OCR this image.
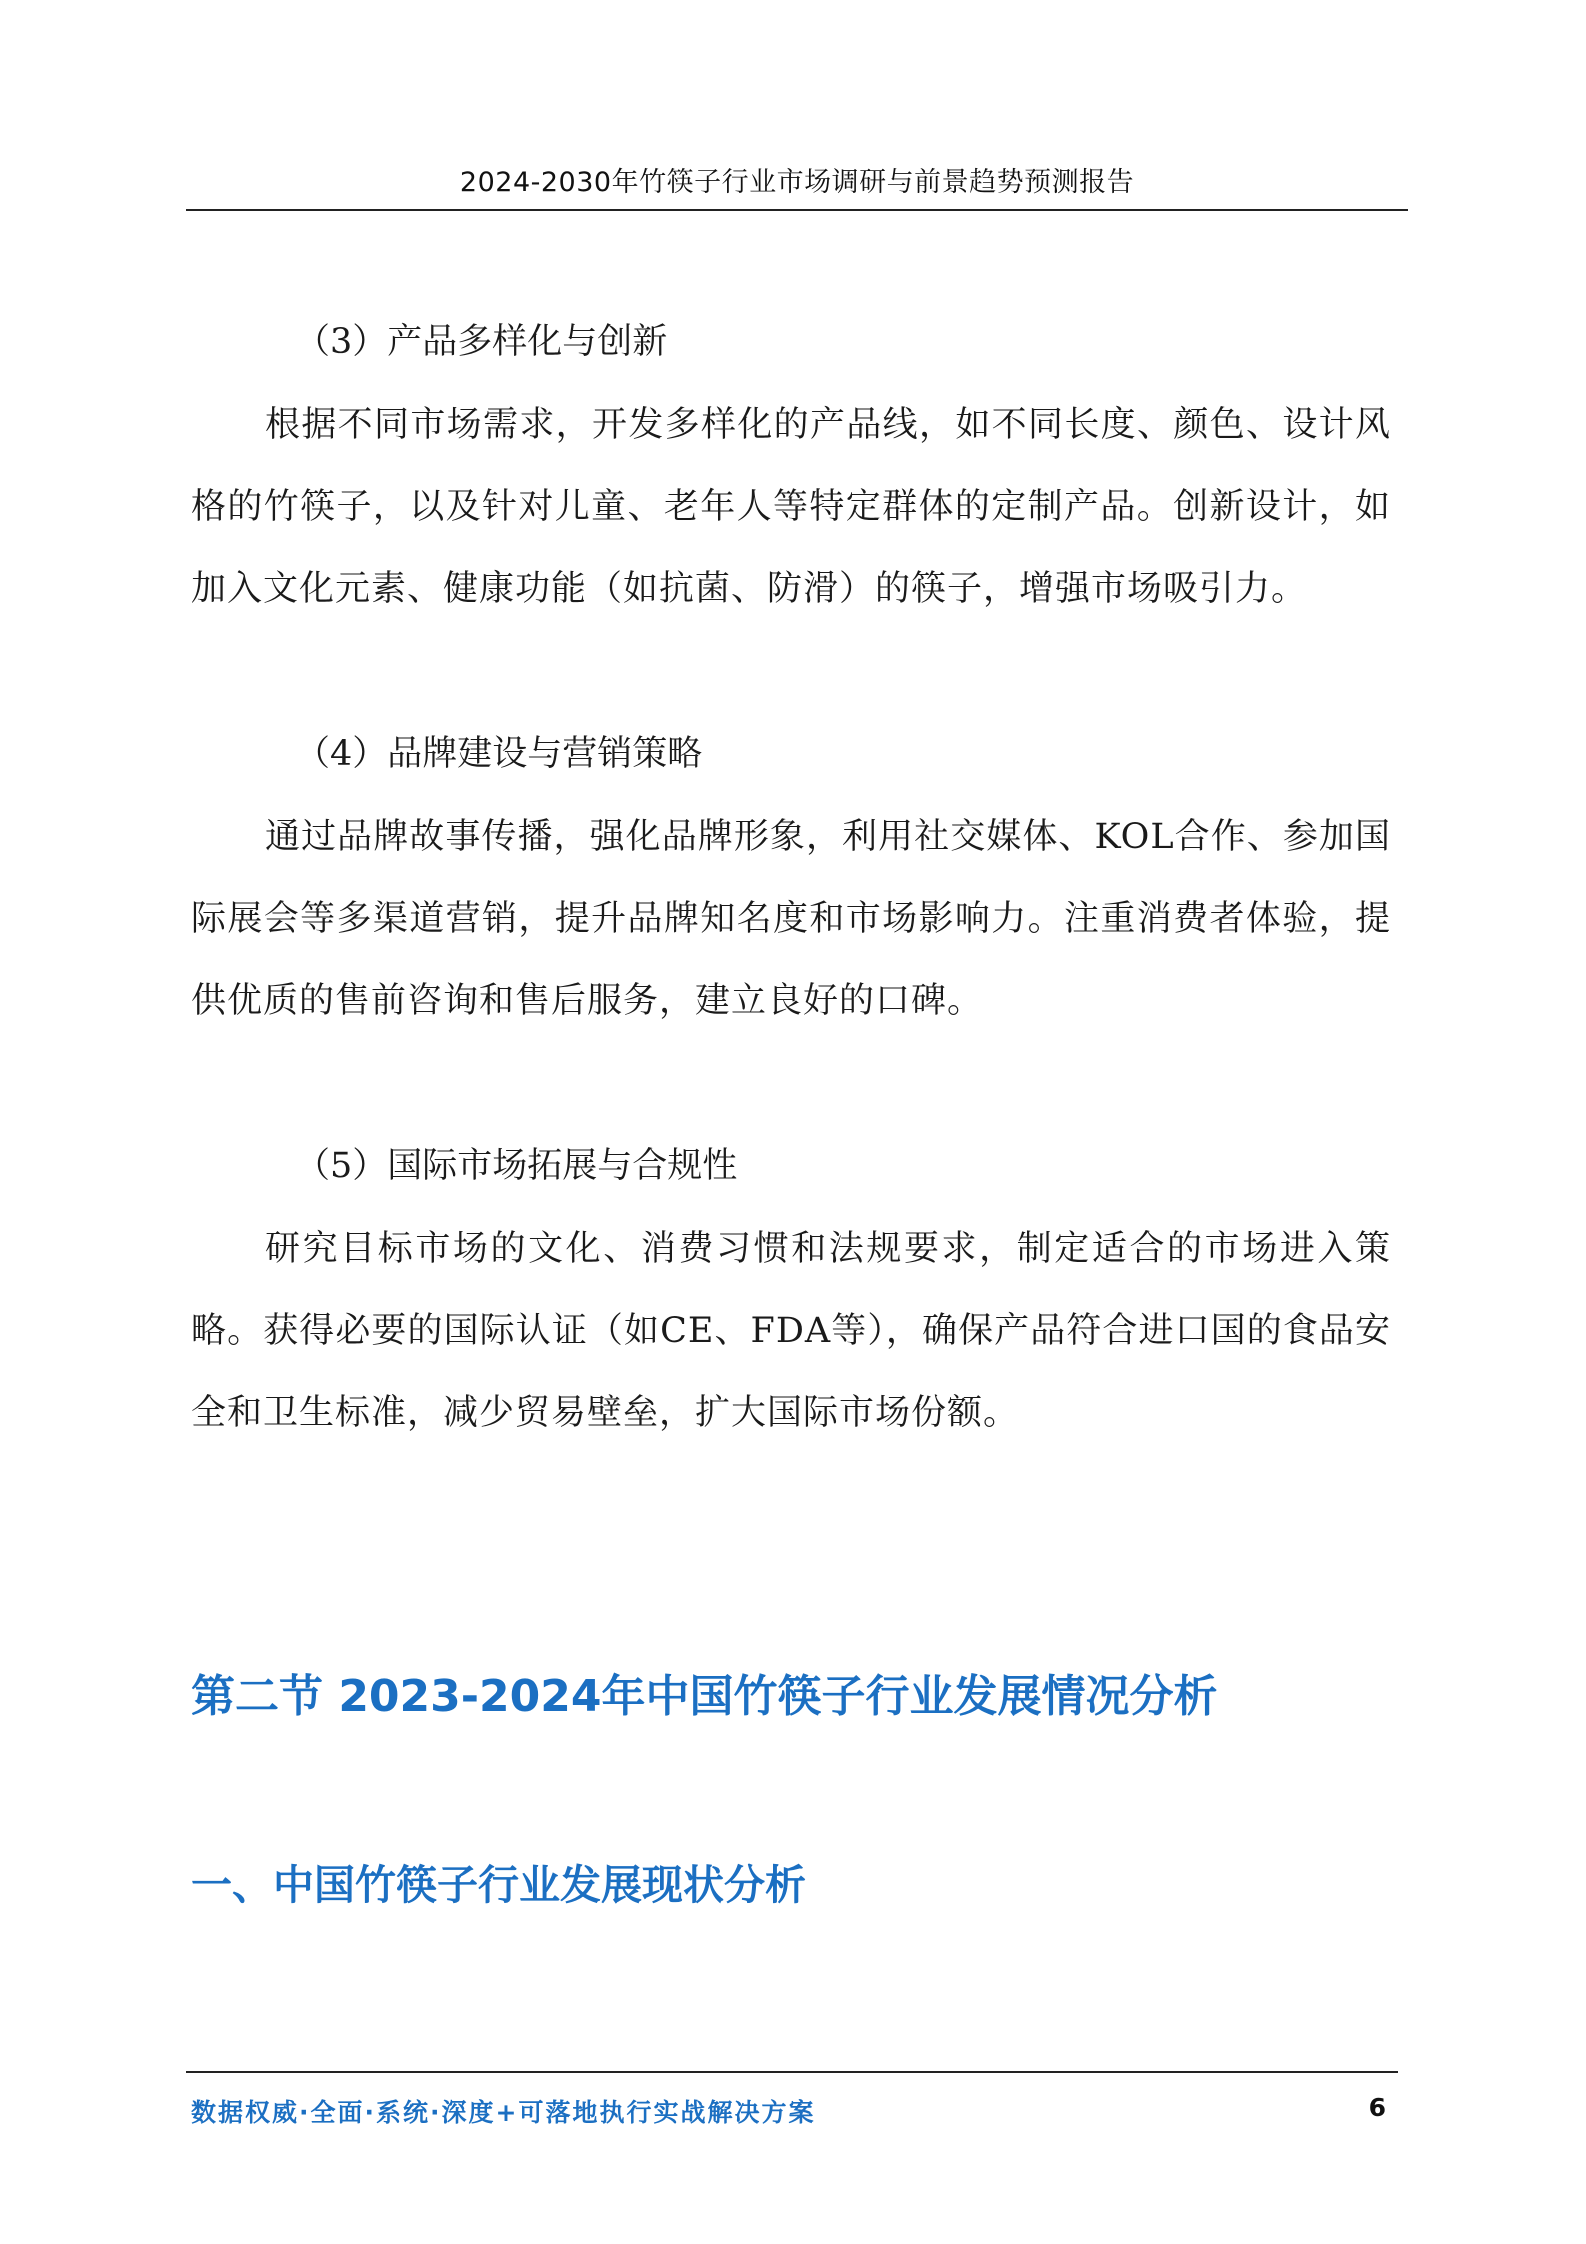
2024-2030年竹筷子行业市场调研与前景趋势预测报告

（3）产品多样化与创新

根据不同市场需求，开发多样化的产品线，如不同长度、颜色、设计风格的竹筷子，以及针对儿童、老年人等特定群体的定制产品。创新设计，如加入文化元素、健康功能（如抗菌、防滑）的筷子，增强市场吸引力。

（4）品牌建设与营销策略

通过品牌故事传播，强化品牌形象，利用社交媒体、KOL合作、参加国际展会等多渠道营销，提升品牌知名度和市场影响力。注重消费者体验，提供优质的售前咨询和售后服务，建立良好的口碑。

（5）国际市场拓展与合规性

研究目标市场的文化、消费习惯和法规要求，制定适合的市场进入策略。获得必要的国际认证（如CE、FDA等），确保产品符合进口国的食品安全和卫生标准，减少贸易壁垒，扩大国际市场份额。

第二节 2023-2024年中国竹筷子行业发展情况分析
一、中国竹筷子行业发展现状分析
数据权威·全面·系统·深度+可落地执行实战解决方案	6
